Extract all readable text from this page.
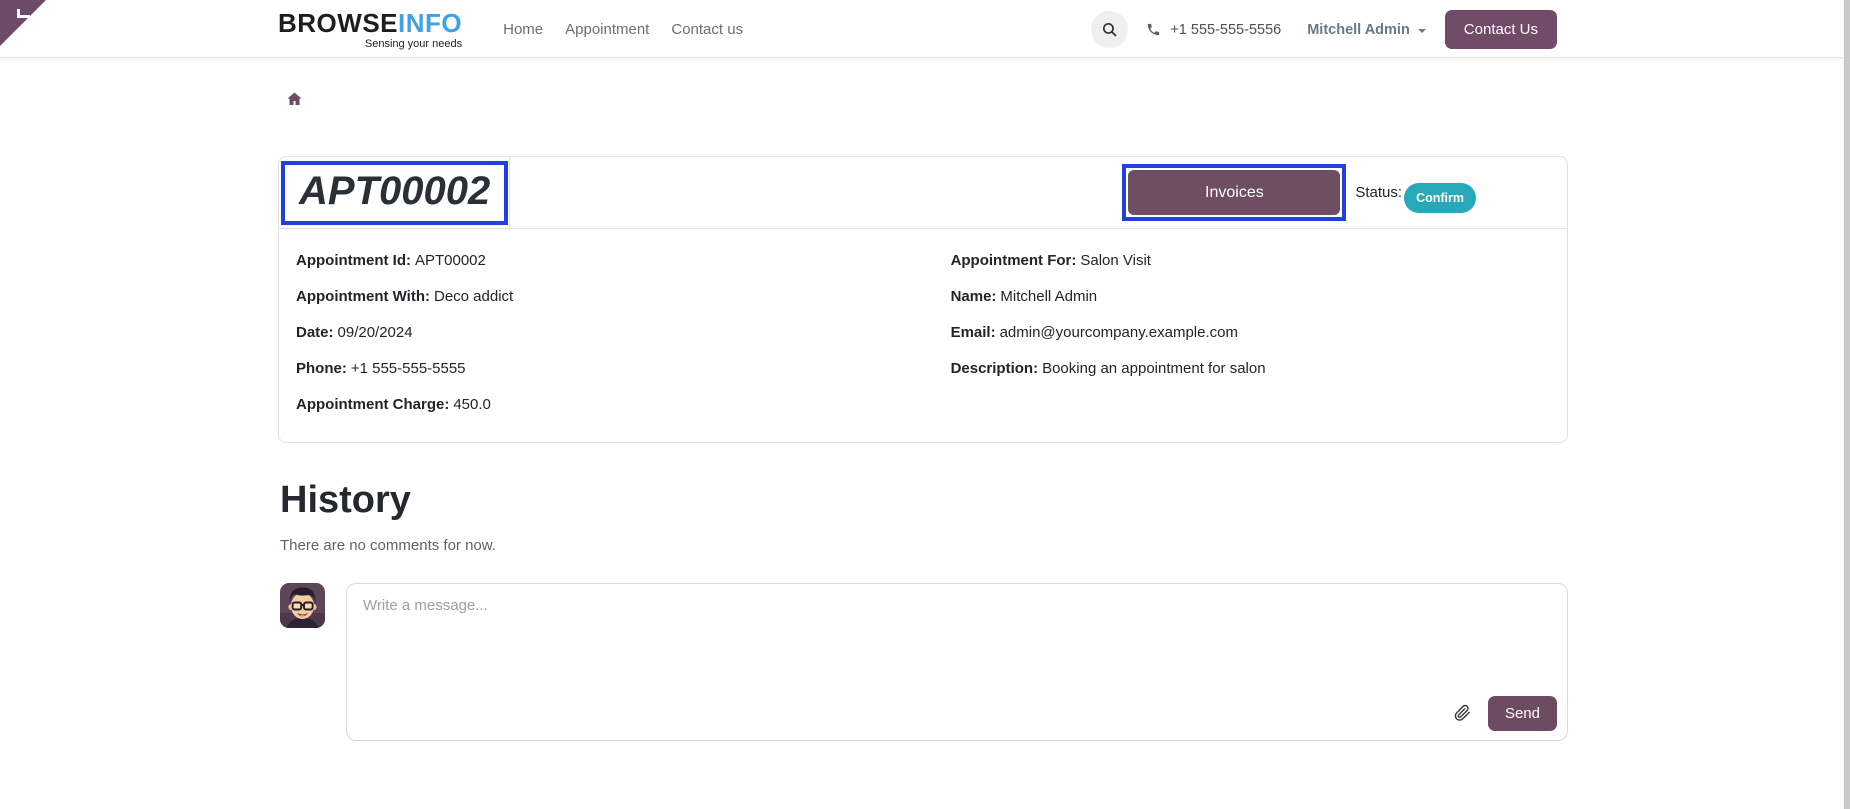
BROWSEINFO
Sensing your needs
Home	Appointment	Contact us	+1 555-555-5556 Mitchell Admin	Contact Us
APT00002	Invoices	Status:	Confirm
Appointment Id: APT00002
Appointment With: Deco addict
Date: 09/20/2024
Phone: +1 555-555-5555
Appointment Charge: 450.0
Appointment For: Salon Visit
Name: Mitchell Admin
Email: admin@yourcompany.example.com
Description: Booking an appointment for salon
History

There are no comments for now.

Write a message...
Send
